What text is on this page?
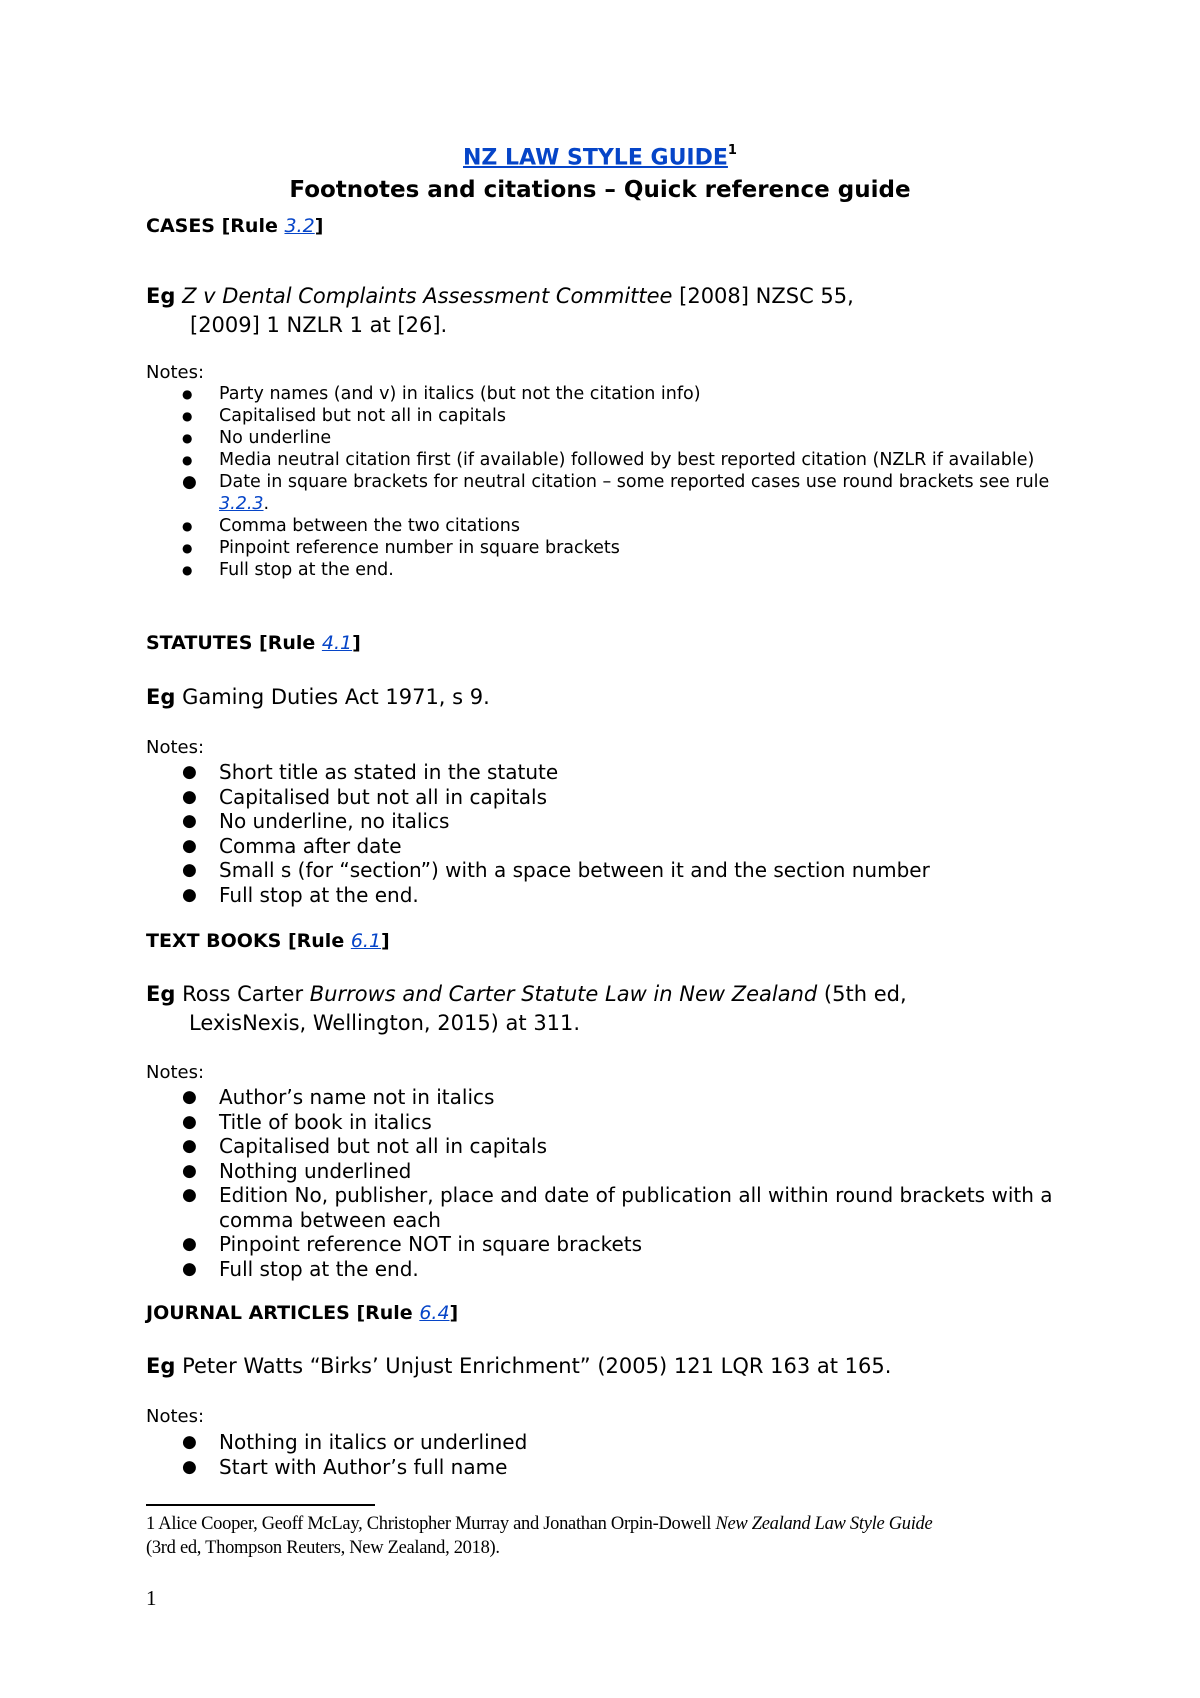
NZ LAW STYLE GUIDE$^1$
Footnotes and citations – Quick reference guide
CASES [Rule 3.2]
Eg Z v Dental Complaints Assessment Committee [2008] NZSC 55,
[2009] 1 NZLR 1 at [26].
Notes:
● Party names (and v) in italics (but not the citation info)
● Capitalised but not all in capitals
● No underline
● Media neutral citation first (if available) followed by best reported citation (NZLR if available)
● Date in square brackets for neutral citation – some reported cases use round brackets see rule 3.2.3.
● Comma between the two citations
● Pinpoint reference number in square brackets
● Full stop at the end.
STATUTES [Rule 4.1]
Eg Gaming Duties Act 1971, s 9.
Notes:
● Short title as stated in the statute
● Capitalised but not all in capitals
● No underline, no italics
● Comma after date
● Small s (for “section”) with a space between it and the section number
● Full stop at the end.
TEXT BOOKS [Rule 6.1]
Eg Ross Carter Burrows and Carter Statute Law in New Zealand (5th ed,
LexisNexis, Wellington, 2015) at 311.
Notes:
● Author’s name not in italics
● Title of book in italics
● Capitalised but not all in capitals
● Nothing underlined
● Edition No, publisher, place and date of publication all within round brackets with a comma between each
● Pinpoint reference NOT in square brackets
● Full stop at the end.
JOURNAL ARTICLES [Rule 6.4]
Eg Peter Watts “Birks’ Unjust Enrichment” (2005) 121 LQR 163 at 165.
Notes:
● Nothing in italics or underlined
● Start with Author’s full name
1 Alice Cooper, Geoff McLay, Christopher Murray and Jonathan Orpin-Dowell New Zealand Law Style Guide
(3rd ed, Thompson Reuters, New Zealand, 2018).
1
